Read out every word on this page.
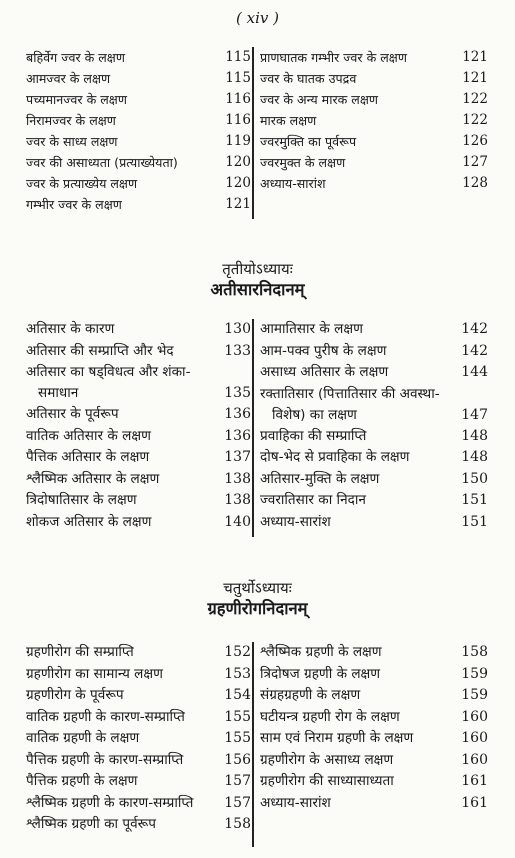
( xiv )
बहिर्वेग ज्वर के लक्षण	115
आमज्वर के लक्षण	115
पच्यमानज्वर के लक्षण	116
निरामज्वर के लक्षण	116
ज्वर के साध्य लक्षण	119
ज्वर की असाध्यता (प्रत्याख्येयता)	120
ज्वर के प्रत्याख्येय लक्षण	120
गम्भीर ज्वर के लक्षण	121
प्राणघातक गम्भीर ज्वर के लक्षण	121
ज्वर के घातक उपद्रव	121
ज्वर के अन्य मारक लक्षण	122
मारक लक्षण	122
ज्वरमुक्ति का पूर्वरूप	126
ज्वरमुक्त के लक्षण	127
अध्याय-सारांश	128
तृतीयोऽध्यायः
अतीसारनिदानम्
अतिसार के कारण	130
अतिसार की सम्प्राप्ति और भेद	133
अतिसार का षड्विधत्व और शंका-
समाधान	135
अतिसार के पूर्वरूप	136
वातिक अतिसार के लक्षण	136
पैत्तिक अतिसार के लक्षण	137
श्लैष्मिक अतिसार के लक्षण	138
त्रिदोषातिसार के लक्षण	138
शोकज अतिसार के लक्षण	140
आमातिसार के लक्षण	142
आम-पक्व पुरीष के लक्षण	142
असाध्य अतिसार के लक्षण	144
रक्तातिसार (पित्तातिसार की अवस्था-
विशेष) का लक्षण	147
प्रवाहिका की सम्प्राप्ति	148
दोष-भेद से प्रवाहिका के लक्षण	148
अतिसार-मुक्ति के लक्षण	150
ज्वरातिसार का निदान	151
अध्याय-सारांश	151
चतुर्थोऽध्यायः
ग्रहणीरोगनिदानम्
ग्रहणीरोग की सम्प्राप्ति	152
ग्रहणीरोग का सामान्य लक्षण	153
ग्रहणीरोग के पूर्वरूप	154
वातिक ग्रहणी के कारण-सम्प्राप्ति	155
वातिक ग्रहणी के लक्षण	155
पैत्तिक ग्रहणी के कारण-सम्प्राप्ति	156
पैत्तिक ग्रहणी के लक्षण	157
श्लैष्मिक ग्रहणी के कारण-सम्प्राप्ति	157
श्लैष्मिक ग्रहणी का पूर्वरूप	158
श्लैष्मिक ग्रहणी के लक्षण	158
त्रिदोषज ग्रहणी के लक्षण	159
संग्रहग्रहणी के लक्षण	159
घटीयन्त्र ग्रहणी रोग के लक्षण	160
साम एवं निराम ग्रहणी के लक्षण	160
ग्रहणीरोग के असाध्य लक्षण	160
ग्रहणीरोग की साध्यासाध्यता	161
अध्याय-सारांश	161
